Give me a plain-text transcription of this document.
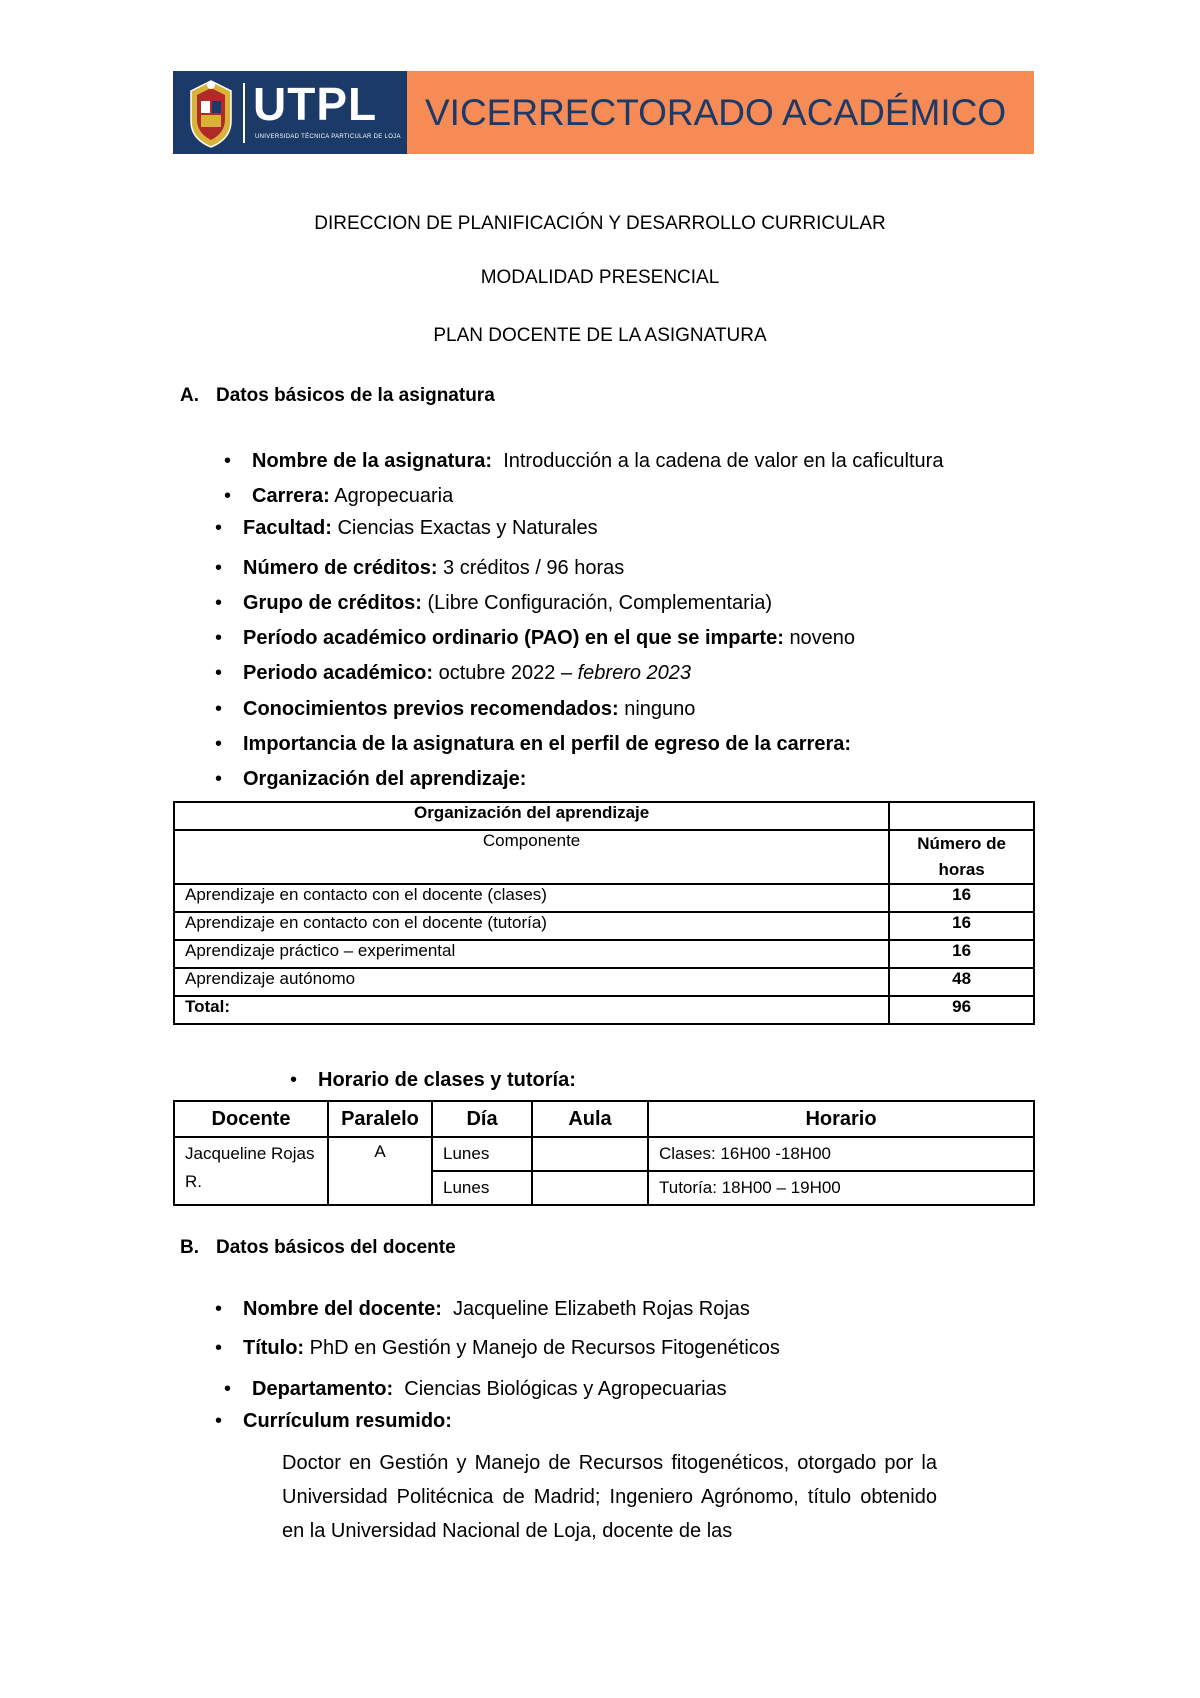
UTPL
UNIVERSIDAD TÉCNICA PARTICULAR DE LOJA
VICERRECTORADO ACADÉMICO
DIRECCION DE PLANIFICACIÓN Y DESARROLLO CURRICULAR
MODALIDAD PRESENCIAL
PLAN DOCENTE DE LA ASIGNATURA
A. Datos básicos de la asignatura
• Nombre de la asignatura: Introducción a la cadena de valor en la caficultura
• Carrera: Agropecuaria
• Facultad: Ciencias Exactas y Naturales
• Número de créditos: 3 créditos / 96 horas
• Grupo de créditos: (Libre Configuración, Complementaria)
• Período académico ordinario (PAO) en el que se imparte: noveno
• Periodo académico: octubre 2022 – febrero 2023
• Conocimientos previos recomendados: ninguno
• Importancia de la asignatura en el perfil de egreso de la carrera:
• Organización del aprendizaje:
Organización del aprendizaje	
Componente	Número de horas
Aprendizaje en contacto con el docente (clases)	16
Aprendizaje en contacto con el docente (tutoría)	16
Aprendizaje práctico – experimental	16
Aprendizaje autónomo	48
Total:	96
• Horario de clases y tutoría:
Docente	Paralelo	Día	Aula	Horario
Jacqueline Rojas R.	A	Lunes		Clases: 16H00 -18H00
		Lunes		Tutoría: 18H00 – 19H00
B. Datos básicos del docente
• Nombre del docente: Jacqueline Elizabeth Rojas Rojas
• Título: PhD en Gestión y Manejo de Recursos Fitogenéticos
• Departamento: Ciencias Biológicas y Agropecuarias
• Currículum resumido:
Doctor en Gestión y Manejo de Recursos fitogenéticos, otorgado por la Universidad Politécnica de Madrid; Ingeniero Agrónomo, título obtenido en la Universidad Nacional de Loja, docente de las
